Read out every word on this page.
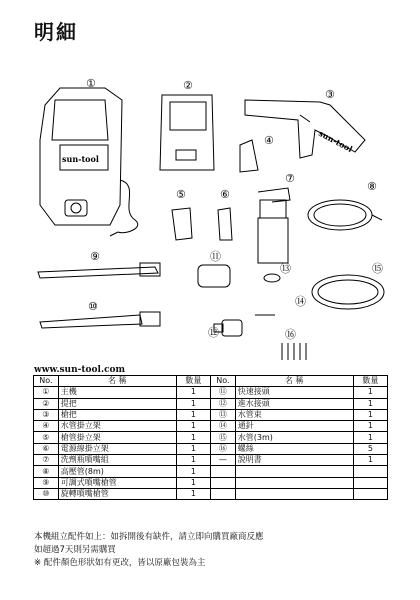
明細
①	②
③
④
⑤	⑥
⑦
⑧
⑨
⑩
⑪
⑫
⑬
⑭
⑮
⑯
sun-tool
sun-tool
www.sun-tool.com
No.	名 稱	數量	No.	名 稱	數量
①	主機	1	⑪	快速接頭	1
②	提把	1	⑫	進水接頭	1
③	槍把	1	⑬	水管束	1
④	水管掛立架	1	⑭	通針	1
⑤	槍管掛立架	1	⑮	水管(3m)	1
⑥	電源線掛立架	1	⑯	螺絲	5
⑦	洗劑瓶噴嘴組	1	—	說明書	1
⑧	高壓管(8m)	1			
⑨	可調式噴嘴槍管	1			
⑩	旋轉噴嘴槍管	1			
本機組立配件如上：如拆開後有缺件，請立即向購買廠商反應
如超過7天則另需購買
※ 配件顏色形狀如有更改，皆以原廠包裝為主
